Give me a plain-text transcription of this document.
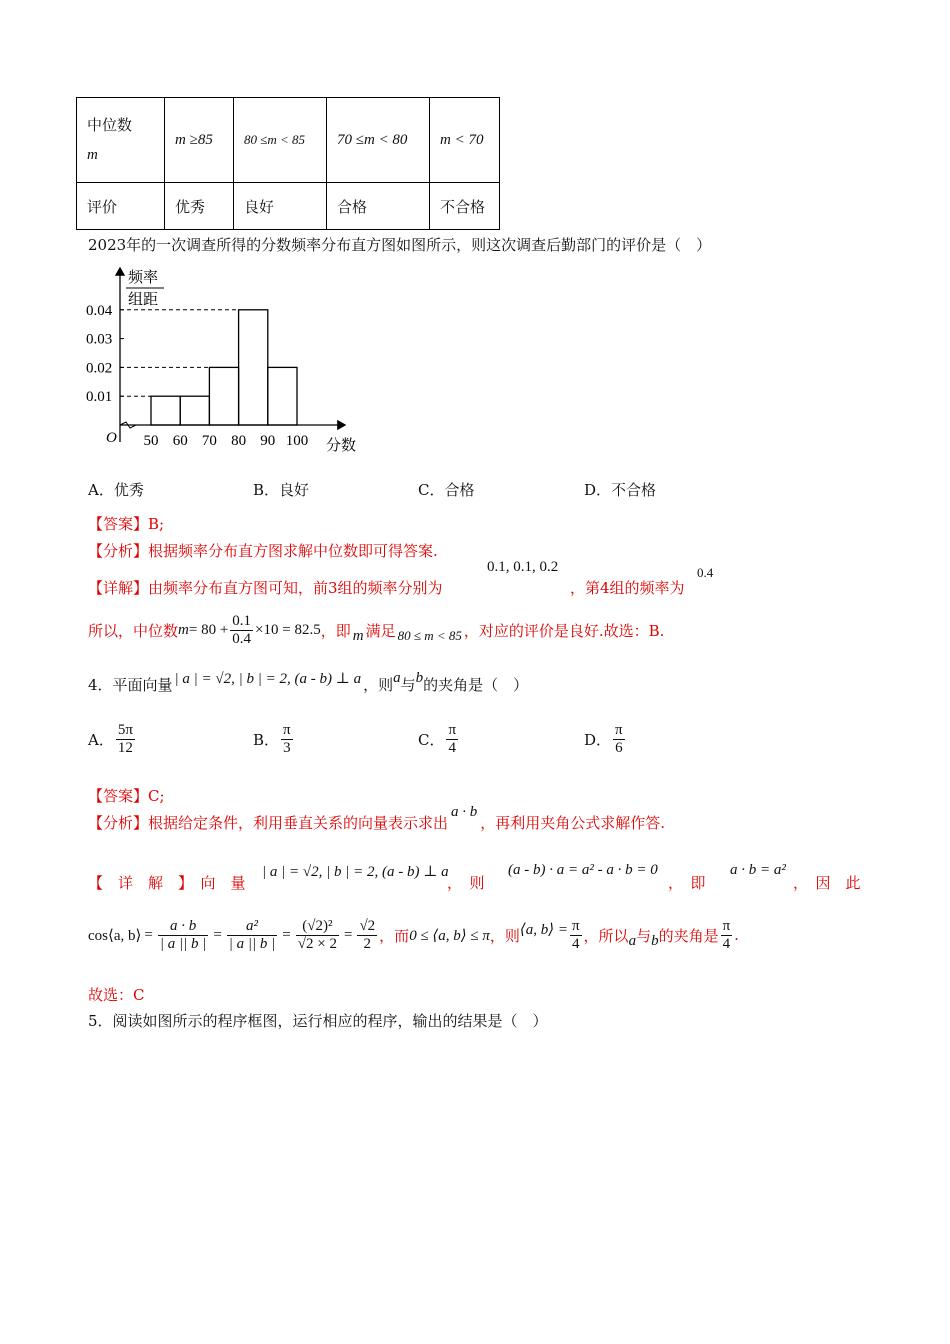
中位数
m	m ≥85	80 ≤m < 85	70 ≤m < 80	m < 70
评价	优秀	良好	合格	不合格
2023年的一次调查所得的分数频率分布直方图如图所示，则这次调查后勤部门的评价是（　）
0.01
0.02
0.03
0.04
50 60 70 80 90 100
频率
组距
分数
O
A．优秀	B．良好	C．合格	D．不合格
【答案】B;
【分析】根据频率分布直方图求解中位数即可得答案.
【详解】由频率分布直方图可知，前3组的频率分别为
0.1, 0.1, 0.2
，第4组的频率为
0.4
所以，中位数 $m = 80 + \frac{0.1}{0.4} \times 10 = 82.5$ ，即 m 满足 80 ≤ m < 85 ，对应的评价是良好.故选：B.
4．平面向量 | a | = √2, | b | = 2, (a - b) ⊥ a ，则 a 与 b 的夹角是（　）
A． $\frac{5\pi}{12}$	B． $\frac{\pi}{3}$	C． $\frac{\pi}{4}$	D． $\frac{\pi}{6}$
【答案】C;
【分析】根据给定条件，利用垂直关系的向量表示求出
a · b
，再利用夹角公式求解作答.
【　详　解　】　向　量
| a | = √2, | b | = 2, (a - b) ⊥ a
，　则
(a - b) · a = a² - a · b = 0
，　即
a · b = a²
，　因　此
cos⟨a, b⟩ = $\frac{a \cdot b}{| a || b |} = \frac{\text{a²}}{| a || b |} = \frac{\text{(√2)²}}{√2 \times 2} = \frac{√2}{2}$ ，而 0 ≤ ⟨a, b⟩ ≤ π ，则 ⟨a, b⟩ = $\frac{\pi}{4}$ ，所以 a 与 b 的夹角是 $\frac{\pi}{4}$ .
故选：C
5．阅读如图所示的程序框图，运行相应的程序，输出的结果是（　）
